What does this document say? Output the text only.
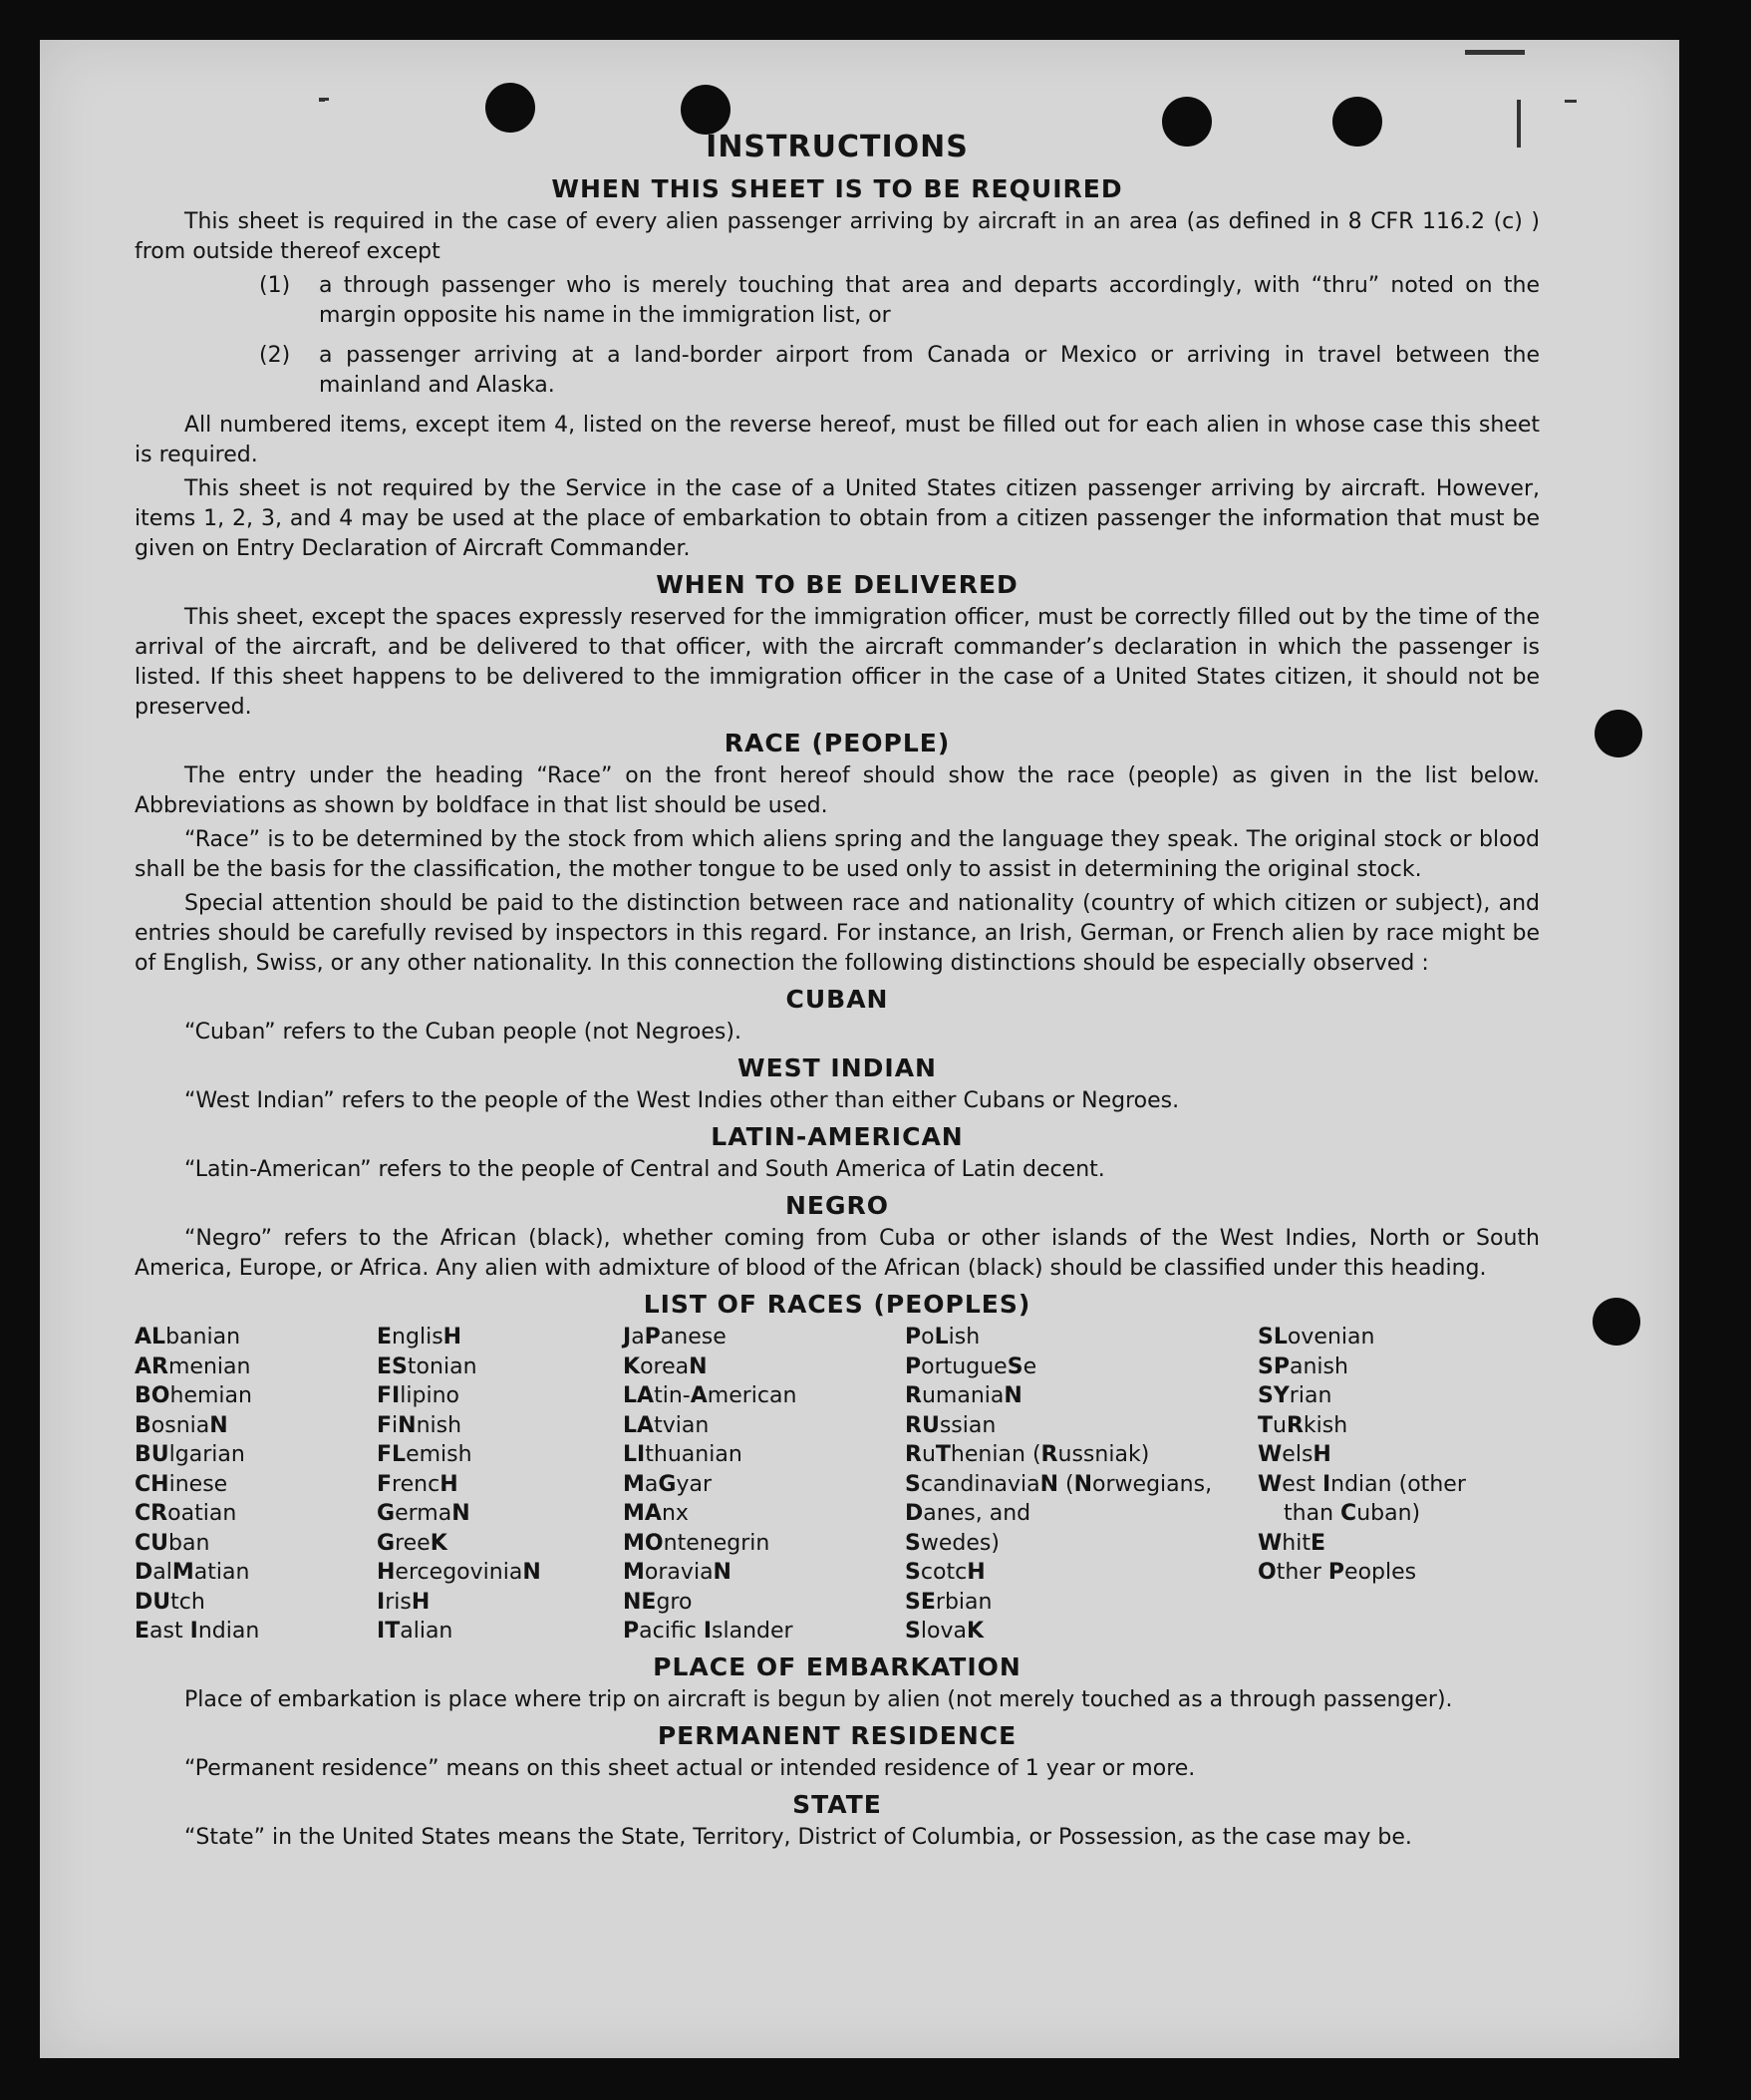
INSTRUCTIONS
WHEN THIS SHEET IS TO BE REQUIRED

This sheet is required in the case of every alien passenger arriving by aircraft in an area (as defined in 8 CFR 116.2 (c) ) from outside thereof except

(1)	a through passenger who is merely touching that area and departs accordingly, with “thru” noted on the margin opposite his name in the immigration list, or
(2)	a passenger arriving at a land-border airport from Canada or Mexico or arriving in travel between the mainland and Alaska.

All numbered items, except item 4, listed on the reverse hereof, must be filled out for each alien in whose case this sheet is required.

This sheet is not required by the Service in the case of a United States citizen passenger arriving by aircraft. However, items 1, 2, 3, and 4 may be used at the place of embarkation to obtain from a citizen passenger the information that must be given on Entry Declaration of Aircraft Commander.

WHEN TO BE DELIVERED

This sheet, except the spaces expressly reserved for the immigration officer, must be correctly filled out by the time of the arrival of the aircraft, and be delivered to that officer, with the aircraft commander’s declaration in which the passenger is listed. If this sheet happens to be delivered to the immigration officer in the case of a United States citizen, it should not be preserved.

RACE (PEOPLE)

The entry under the heading “Race” on the front hereof should show the race (people) as given in the list below. Abbreviations as shown by boldface in that list should be used.

“Race” is to be determined by the stock from which aliens spring and the language they speak. The original stock or blood shall be the basis for the classification, the mother tongue to be used only to assist in determining the original stock.

Special attention should be paid to the distinction between race and nationality (country of which citizen or subject), and entries should be carefully revised by inspectors in this regard. For instance, an Irish, German, or French alien by race might be of English, Swiss, or any other nationality. In this connection the following distinctions should be especially observed :

CUBAN

“Cuban” refers to the Cuban people (not Negroes).

WEST INDIAN

“West Indian” refers to the people of the West Indies other than either Cubans or Negroes.

LATIN-AMERICAN

“Latin-American” refers to the people of Central and South America of Latin decent.

NEGRO

“Negro” refers to the African (black), whether coming from Cuba or other islands of the West Indies, North or South America, Europe, or Africa. Any alien with admixture of blood of the African (black) should be classified under this heading.

LIST OF RACES (PEOPLES)
ALbanian
ARmenian
BOhemian
BosniaN
BUlgarian
CHinese
CRoatian
CUban
DalMatian
DUtch
East Indian
EnglisH
EStonian
FIlipino
FiNnish
FLemish
FrencH
GermaN
GreeK
HercegoviniaN
IrisH
ITalian
JaPanese
KoreaN
LAtin-American
LAtvian
LIthuanian
MaGyar
MAnx
MOntenegrin
MoraviaN
NEgro
Pacifc Islander
PoLish
PortugueSe
RumaniaN
RUssian
RuThenian (Russniak)
ScandinaviaN (Norwegians,
Danes, and
Swedes)
ScotcH
SErbian
SlovaK
SLovenian
SPanish
SYrian
TuRkish
WelsH
West Indian (other
than Cuban)
WhitE
Other Peoples
PLACE OF EMBARKATION

Place of embarkation is place where trip on aircraft is begun by alien (not merely touched as a through passenger).

PERMANENT RESIDENCE

“Permanent residence” means on this sheet actual or intended residence of 1 year or more.

STATE

“State” in the United States means the State, Territory, District of Columbia, or Possession, as the case may be.
